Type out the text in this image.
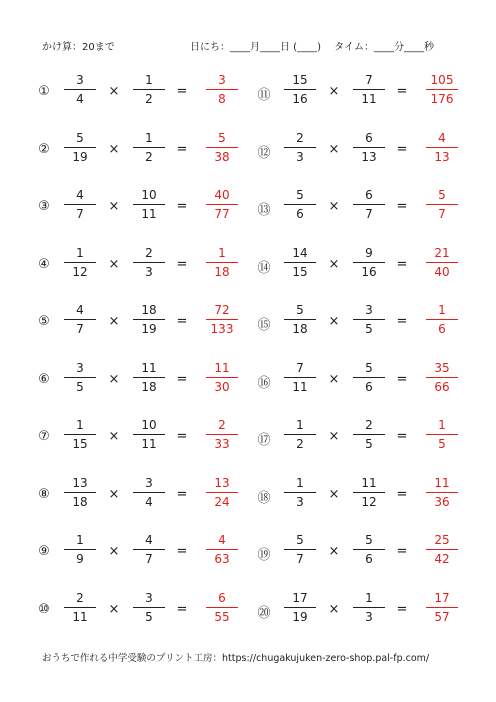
かけ算：20まで	日にち：____月____日 (____)　 タイム：____分____秒
①
3
4	×
1
2	=
3
8
②
5
19	×
1
2	=
5
38
③
4
7	×
10
11	=
40
77
④
1
12	×
2
3	=
1
18
⑤
4
7	×
18
19	=
72
133
⑥
3
5	×
11
18	=
11
30
⑦
1
15	×
10
11	=
2
33
⑧
13
18	×
3
4	=
13
24
⑨
1
9	×
4
7	=
4
63
⑩
2
11	×
3
5	=
6
55
⑪
15
16	×
7
11	=
105
176
⑫
2
3	×
6
13	=
4
13
⑬
5
6	×
6
7	=
5
7
⑭
14
15	×
9
16	=
21
40
⑮
5
18	×
3
5	=
1
6
⑯
7
11	×
5
6	=
35
66
⑰
1
2	×
2
5	=
1
5
⑱
1
3	×
11
12	=
11
36
⑲
5
7	×
5
6	=
25
42
⑳
17
19	×
1
3	=
17
57
おうちで作れる中学受験のプリント工房：https://chugakujuken-zero-shop.pal-fp.com/
